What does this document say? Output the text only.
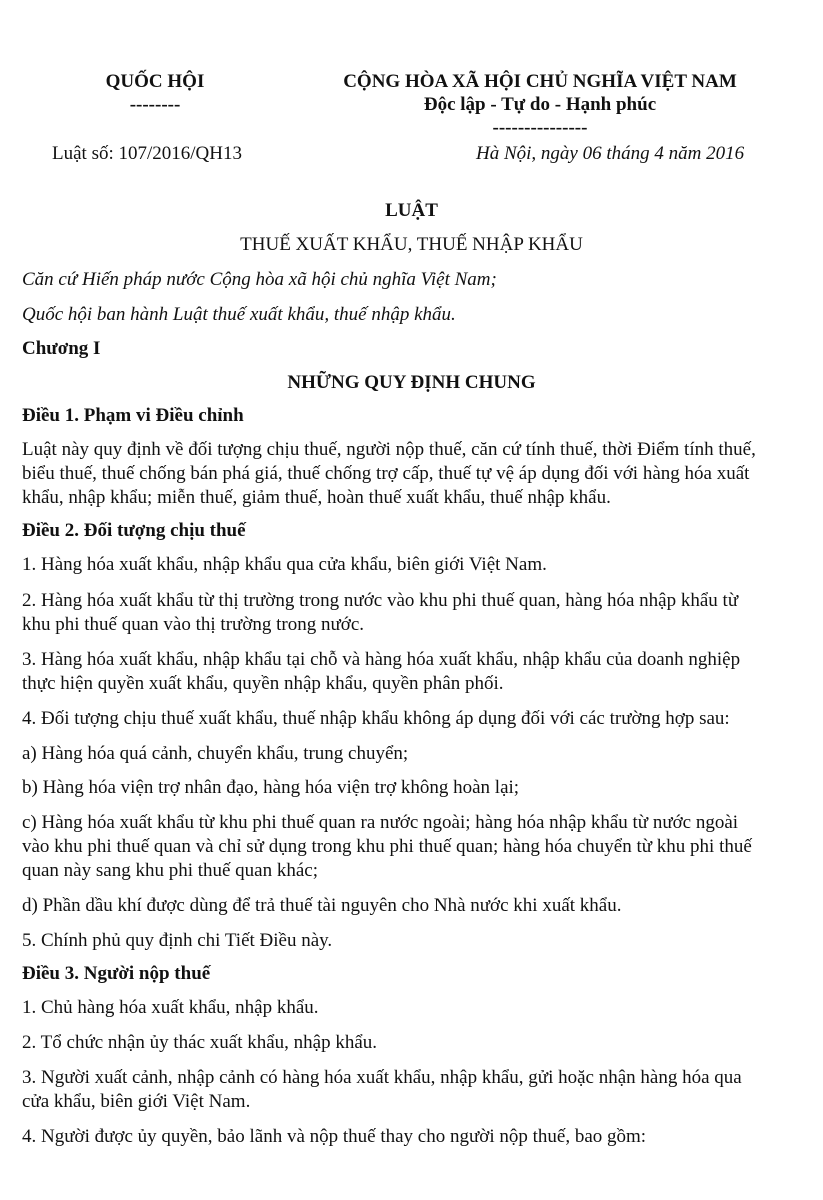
QUỐC HỘI
--------
CỘNG HÒA XÃ HỘI CHỦ NGHĨA VIỆT NAM
Độc lập - Tự do - Hạnh phúc
---------------
Luật số: 107/2016/QH13	Hà Nội, ngày 06 tháng 4 năm 2016
LUẬT
THUẾ XUẤT KHẨU, THUẾ NHẬP KHẨU
Căn cứ Hiến pháp nước Cộng hòa xã hội chủ nghĩa Việt Nam;
Quốc hội ban hành Luật thuế xuất khẩu, thuế nhập khẩu.
Chương I
NHỮNG QUY ĐỊNH CHUNG
Điều 1. Phạm vi Điều chỉnh
Luật này quy định về đối tượng chịu thuế, người nộp thuế, căn cứ tính thuế, thời Điểm tính thuế,
biểu thuế, thuế chống bán phá giá, thuế chống trợ cấp, thuế tự vệ áp dụng đối với hàng hóa xuất
khẩu, nhập khẩu; miễn thuế, giảm thuế, hoàn thuế xuất khẩu, thuế nhập khẩu.
Điều 2. Đối tượng chịu thuế
1. Hàng hóa xuất khẩu, nhập khẩu qua cửa khẩu, biên giới Việt Nam.
2. Hàng hóa xuất khẩu từ thị trường trong nước vào khu phi thuế quan, hàng hóa nhập khẩu từ
khu phi thuế quan vào thị trường trong nước.
3. Hàng hóa xuất khẩu, nhập khẩu tại chỗ và hàng hóa xuất khẩu, nhập khẩu của doanh nghiệp
thực hiện quyền xuất khẩu, quyền nhập khẩu, quyền phân phối.
4. Đối tượng chịu thuế xuất khẩu, thuế nhập khẩu không áp dụng đối với các trường hợp sau:
a) Hàng hóa quá cảnh, chuyển khẩu, trung chuyển;
b) Hàng hóa viện trợ nhân đạo, hàng hóa viện trợ không hoàn lại;
c) Hàng hóa xuất khẩu từ khu phi thuế quan ra nước ngoài; hàng hóa nhập khẩu từ nước ngoài
vào khu phi thuế quan và chỉ sử dụng trong khu phi thuế quan; hàng hóa chuyển từ khu phi thuế
quan này sang khu phi thuế quan khác;
d) Phần dầu khí được dùng để trả thuế tài nguyên cho Nhà nước khi xuất khẩu.
5. Chính phủ quy định chi Tiết Điều này.
Điều 3. Người nộp thuế
1. Chủ hàng hóa xuất khẩu, nhập khẩu.
2. Tổ chức nhận ủy thác xuất khẩu, nhập khẩu.
3. Người xuất cảnh, nhập cảnh có hàng hóa xuất khẩu, nhập khẩu, gửi hoặc nhận hàng hóa qua
cửa khẩu, biên giới Việt Nam.
4. Người được ủy quyền, bảo lãnh và nộp thuế thay cho người nộp thuế, bao gồm:
